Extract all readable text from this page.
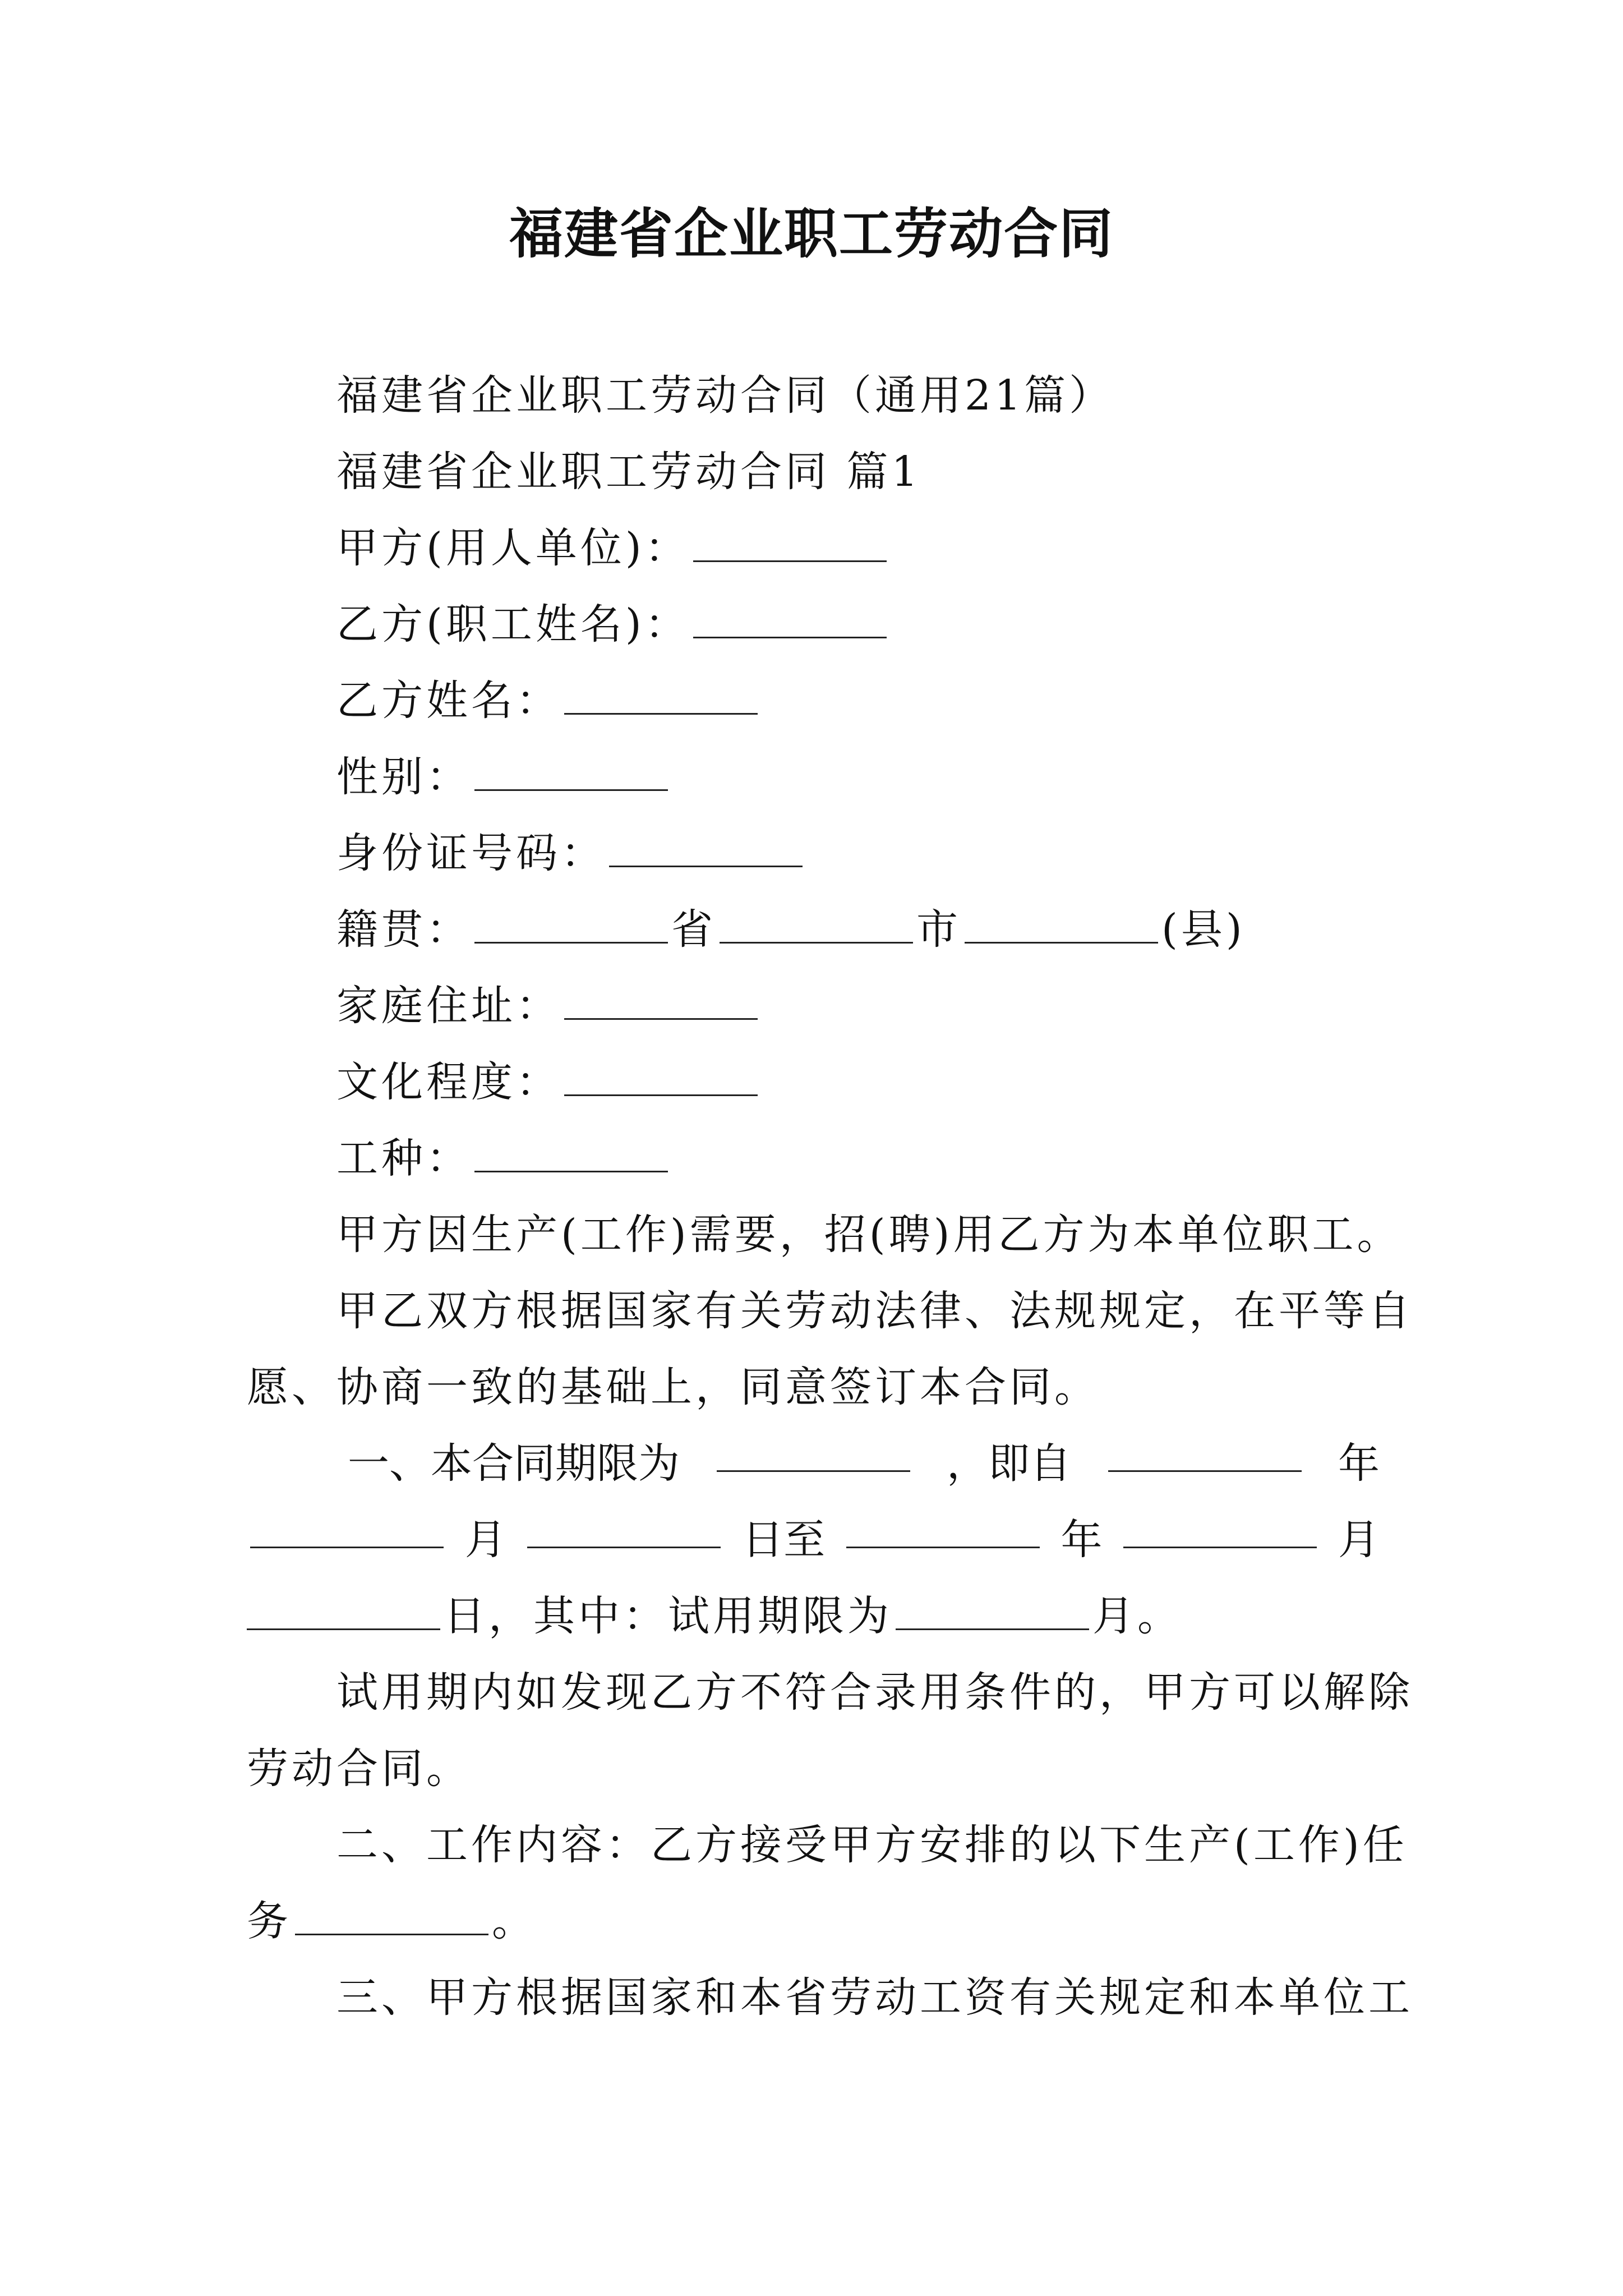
福建省企业职工劳动合同
福建省企业职工劳动合同（通用21篇）
福建省企业职工劳动合同 篇1
甲方(用人单位)：
乙方(职工姓名)：
乙方姓名：
性别：
身份证号码：
籍贯：	省	市	(县)
家庭住址：
文化程度：
工种：
甲方因生产(工作)需要，招(聘)用乙方为本单位职工。
甲乙双方根据国家有关劳动法律、法规规定，在平等自
愿、协商一致的基础上，同意签订本合同。
一、本合同期限为	，即自	年
月	日至	年	月
日，其中：试用期限为	月。
试用期内如发现乙方不符合录用条件的，甲方可以解除
劳动合同。
二、工作内容：乙方接受甲方安排的以下生产(工作)任
务	。
三、甲方根据国家和本省劳动工资有关规定和本单位工
